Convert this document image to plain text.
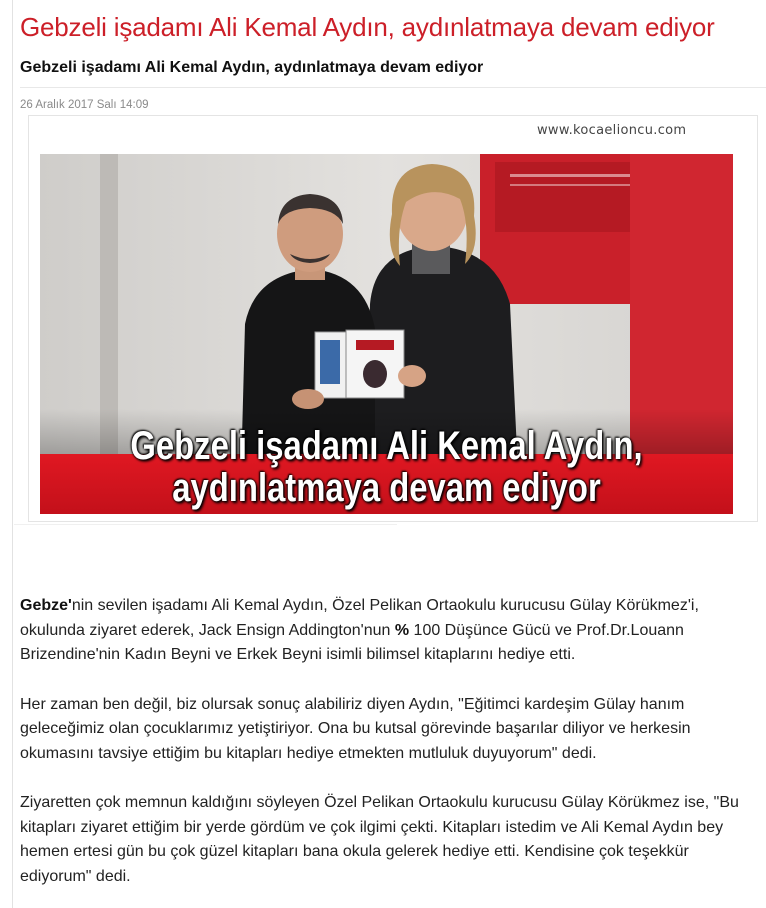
Gebzeli işadamı Ali Kemal Aydın, aydınlatmaya devam ediyor
Gebzeli işadamı Ali Kemal Aydın, aydınlatmaya devam ediyor
26 Aralık 2017 Salı 14:09
www.kocaelioncu.com
Gebzeli işadamı Ali Kemal Aydın,
aydınlatmaya devam ediyor

Gebze'nin sevilen işadamı Ali Kemal Aydın, Özel Pelikan Ortaokulu kurucusu Gülay Körükmez'i, okulunda ziyaret ederek, Jack Ensign Addington'nun % 100 Düşünce Gücü ve Prof.Dr.Louann Brizendine'nin Kadın Beyni ve Erkek Beyni isimli bilimsel kitaplarını hediye etti.

Her zaman ben değil, biz olursak sonuç alabiliriz diyen Aydın, "Eğitimci kardeşim Gülay hanım geleceğimiz olan çocuklarımız yetiştiriyor. Ona bu kutsal görevinde başarılar diliyor ve herkesin okumasını tavsiye ettiğim bu kitapları hediye etmekten mutluluk duyuyorum" dedi.

Ziyaretten çok memnun kaldığını söyleyen Özel Pelikan Ortaokulu kurucusu Gülay Körükmez ise, "Bu kitapları ziyaret ettiğim bir yerde gördüm ve çok ilgimi çekti. Kitapları istedim ve Ali Kemal Aydın bey hemen ertesi gün bu çok güzel kitapları bana okula gelerek hediye etti. Kendisine çok teşekkür ediyorum" dedi.
